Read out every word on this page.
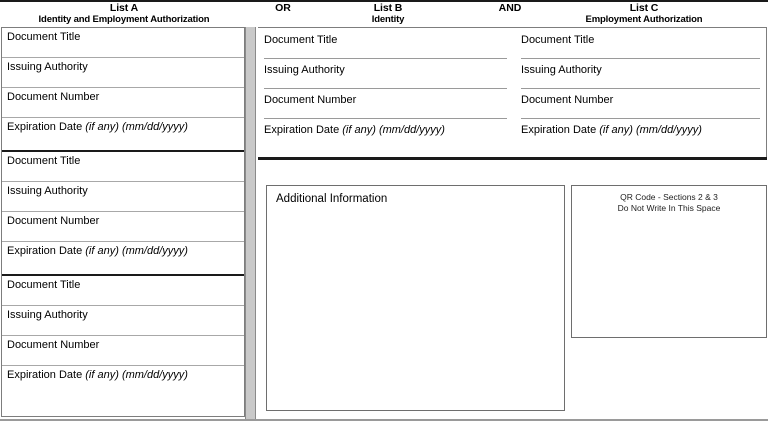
List A
Identity and Employment Authorization
OR	List B
Identity
AND	List C
Employment Authorization
Document Title
Issuing Authority
Document Number
Expiration Date (if any) (mm/dd/yyyy)
Document Title
Issuing Authority
Document Number
Expiration Date (if any) (mm/dd/yyyy)
Document Title
Issuing Authority
Document Number
Expiration Date (if any) (mm/dd/yyyy)
Document Title
Issuing Authority
Document Number
Expiration Date (if any) (mm/dd/yyyy)
Document Title
Issuing Authority
Document Number
Expiration Date (if any) (mm/dd/yyyy)
Additional Information	QR Code - Sections 2 & 3
Do Not Write In This Space
